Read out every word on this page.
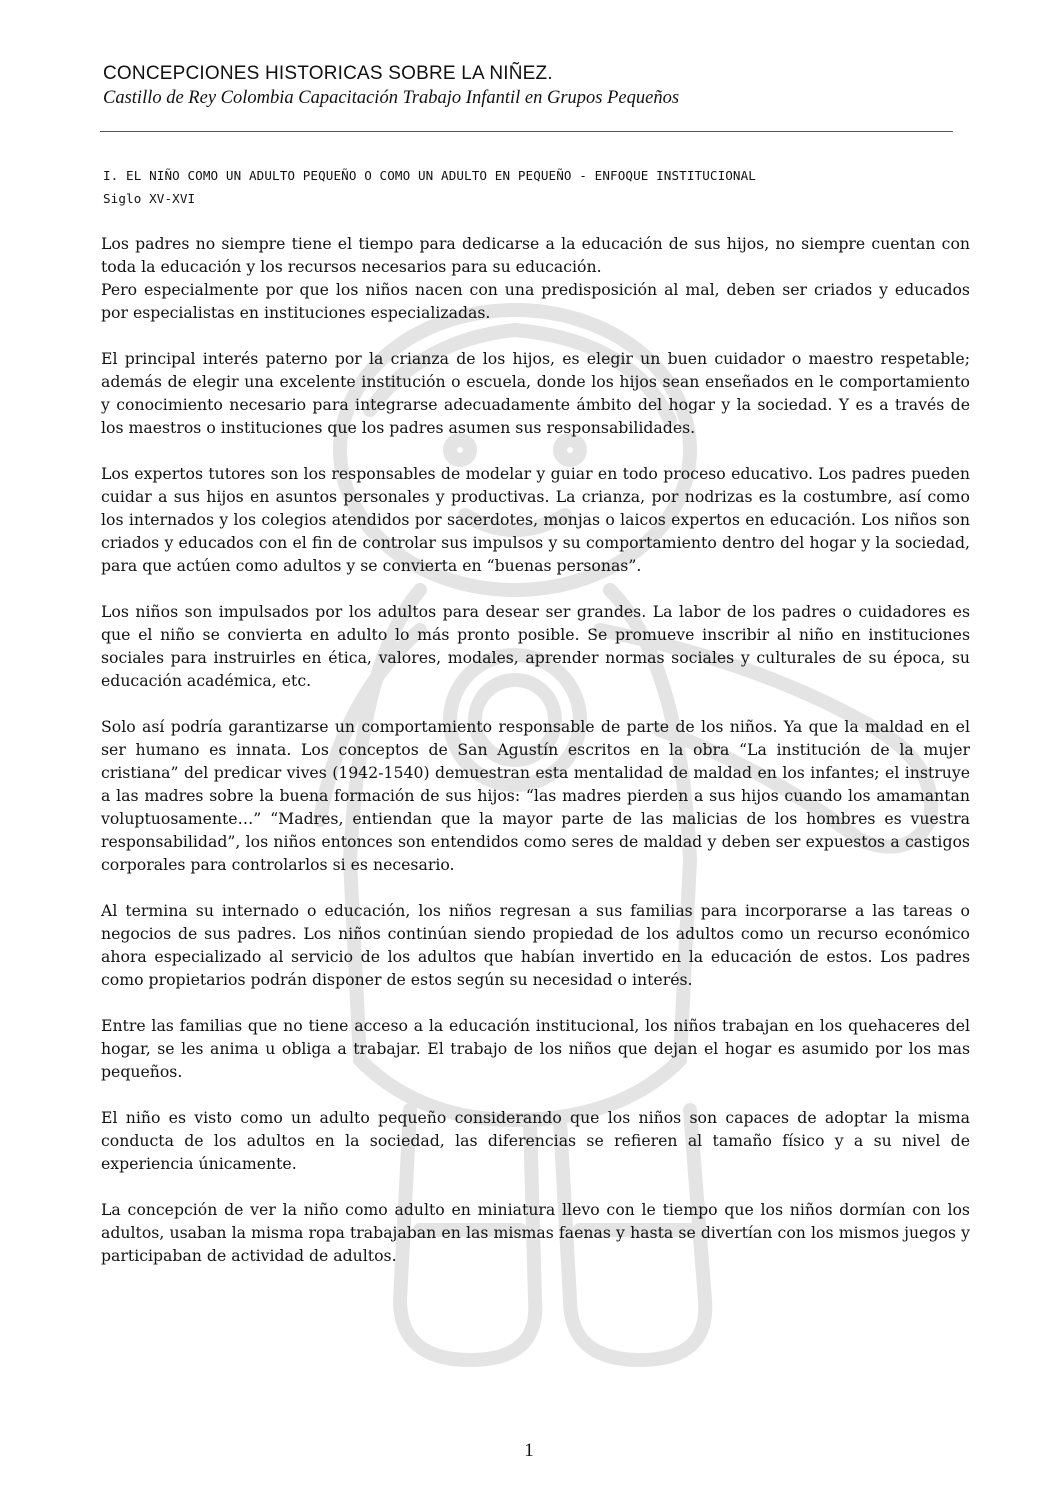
CONCEPCIONES HISTORICAS SOBRE LA NIÑEZ.

Castillo de Rey Colombia Capacitación Trabajo Infantil en Grupos Pequeños

I. EL NIÑO COMO UN ADULTO PEQUEÑO O COMO UN ADULTO EN PEQUEÑO - ENFOQUE INSTITUCIONAL
Siglo XV-XVI

Los padres no siempre tiene el tiempo para dedicarse a la educación de sus hijos, no siempre cuentan con toda la educación y los recursos necesarios para su educación.
Pero especialmente por que los niños nacen con una predisposición al mal, deben ser criados y educados por especialistas en instituciones especializadas.

El principal interés paterno por la crianza de los hijos, es elegir un buen cuidador o maestro respetable; además de elegir una excelente institución o escuela, donde los hijos sean enseñados en le comportamiento y conocimiento necesario para integrarse adecuadamente ámbito del hogar y la sociedad. Y es a través de los maestros o instituciones que los padres asumen sus responsabilidades.

Los expertos tutores son los responsables de modelar y guiar en todo proceso educativo. Los padres pueden cuidar a sus hijos en asuntos personales y productivas. La crianza, por nodrizas es la costumbre, así como los internados y los colegios atendidos por sacerdotes, monjas o laicos expertos en educación. Los niños son criados y educados con el fin de controlar sus impulsos y su comportamiento dentro del hogar y la sociedad, para que actúen como adultos y se convierta en “buenas personas”.

Los niños son impulsados por los adultos para desear ser grandes. La labor de los padres o cuidadores es que el niño se convierta en adulto lo más pronto posible. Se promueve inscribir al niño en instituciones sociales para instruirles en ética, valores, modales, aprender normas sociales y culturales de su época, su educación académica, etc.

Solo así podría garantizarse un comportamiento responsable de parte de los niños. Ya que la maldad en el ser humano es innata. Los conceptos de San Agustín escritos en la obra “La institución de la mujer cristiana” del predicar vives (1942-1540) demuestran esta mentalidad de maldad en los infantes; el instruye a las madres sobre la buena formación de sus hijos: “las madres pierden a sus hijos cuando los amamantan voluptuosamente…” “Madres, entiendan que la mayor parte de las malicias de los hombres es vuestra responsabilidad”, los niños entonces son entendidos como seres de maldad y deben ser expuestos a castigos corporales para controlarlos si es necesario.

Al termina su internado o educación, los niños regresan a sus familias para incorporarse a las tareas o negocios de sus padres. Los niños continúan siendo propiedad de los adultos como un recurso económico ahora especializado al servicio de los adultos que habían invertido en la educación de estos. Los padres como propietarios podrán disponer de estos según su necesidad o interés.

Entre las familias que no tiene acceso a la educación institucional, los niños trabajan en los quehaceres del hogar, se les anima u obliga a trabajar. El trabajo de los niños que dejan el hogar es asumido por los mas pequeños.

El niño es visto como un adulto pequeño considerando que los niños son capaces de adoptar la misma conducta de los adultos en la sociedad, las diferencias se refieren al tamaño físico y a su nivel de experiencia únicamente.

La concepción de ver la niño como adulto en miniatura llevo con le tiempo que los niños dormían con los adultos, usaban la misma ropa trabajaban en las mismas faenas y hasta se divertían con los mismos juegos y participaban de actividad de adultos.

1
